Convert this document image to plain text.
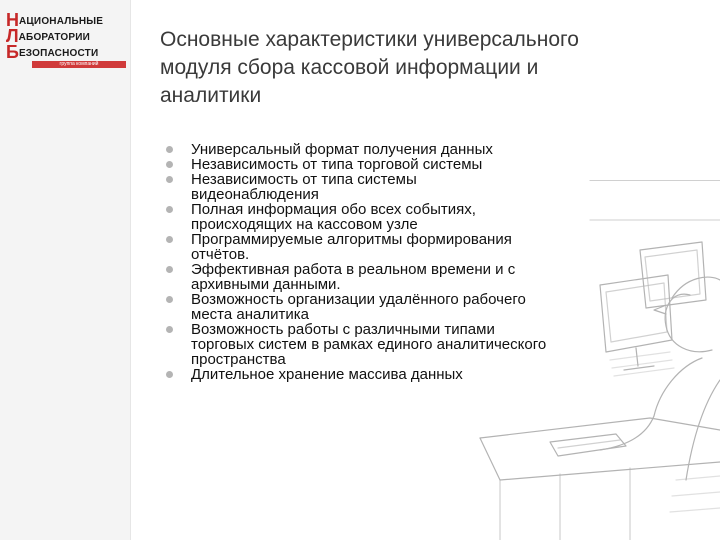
НАЦИОНАЛЬНЫЕ
ЛАБОРАТОРИИ
БЕЗОПАСНОСТИ
группа компаний
Основные характеристики универсального
модуля сбора кассовой информации и
аналитики
Универсальный формат получения данных
Независимость от типа торговой системы
Независимость от типа системы
видеонаблюдения
Полная информация обо всех событиях,
происходящих на кассовом узле
Программируемые алгоритмы формирования
отчётов.
Эффективная работа в реальном времени и с
архивными данными.
Возможность организации удалённого рабочего
места аналитика
Возможность работы с различными типами
торговых систем в рамках единого аналитического
пространства
Длительное хранение массива данных
